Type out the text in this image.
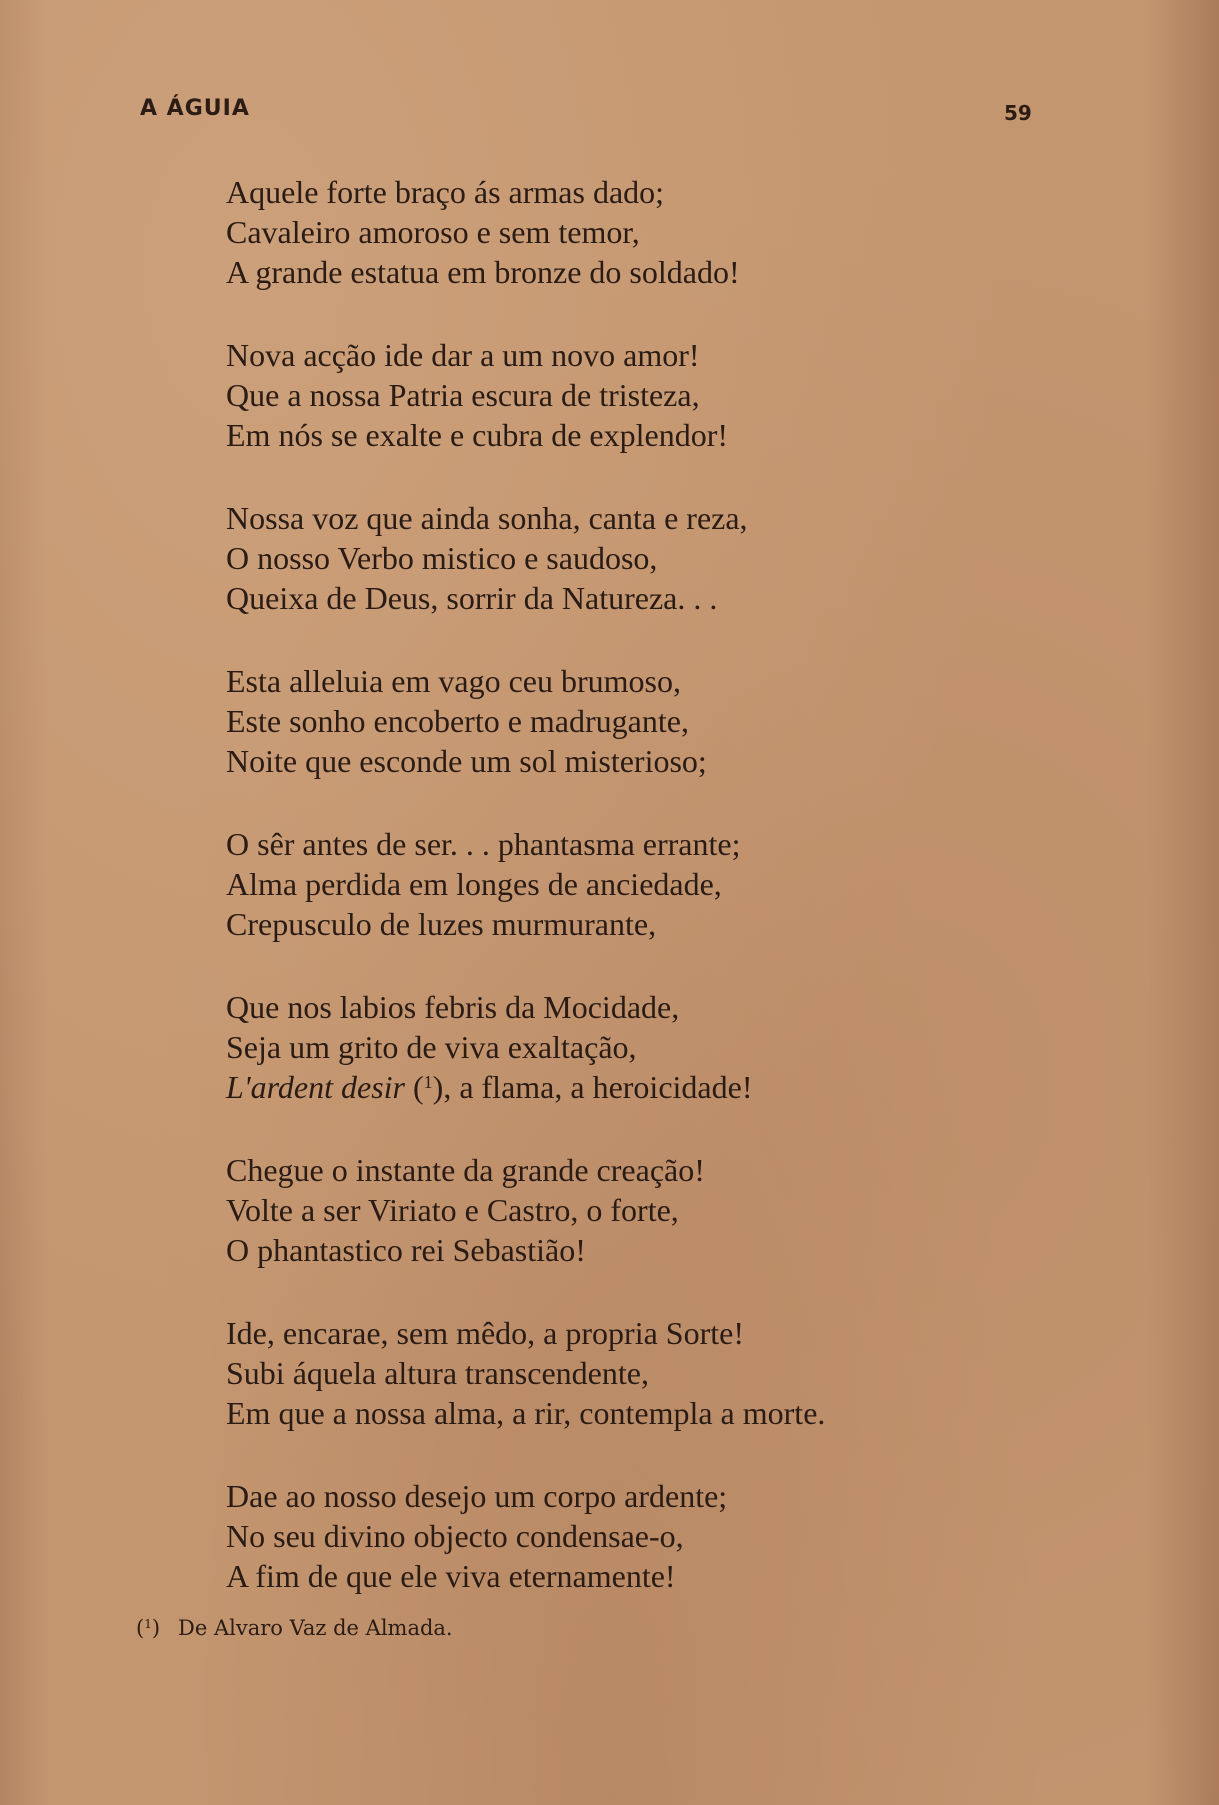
A ÁGUIA	59
Aquele forte braço ás armas dado;
Cavaleiro amoroso e sem temor,
A grande estatua em bronze do soldado!
Nova acção ide dar a um novo amor!
Que a nossa Patria escura de tristeza,
Em nós se exalte e cubra de explendor!
Nossa voz que ainda sonha, canta e reza,
O nosso Verbo mistico e saudoso,
Queixa de Deus, sorrir da Natureza. . .
Esta alleluia em vago ceu brumoso,
Este sonho encoberto e madrugante,
Noite que esconde um sol misterioso;
O sêr antes de ser. . . phantasma errante;
Alma perdida em longes de anciedade,
Crepusculo de luzes murmurante,
Que nos labios febris da Mocidade,
Seja um grito de viva exaltação,
L'ardent desir ($^1$), a flama, a heroicidade!
Chegue o instante da grande creação!
Volte a ser Viriato e Castro, o forte,
O phantastico rei Sebastião!
Ide, encarae, sem mêdo, a propria Sorte!
Subi áquela altura transcendente,
Em que a nossa alma, a rir, contempla a morte.
Dae ao nosso desejo um corpo ardente;
No seu divino objecto condensae-o,
A fim de que ele viva eternamente!
($^1$) De Alvaro Vaz de Almada.
